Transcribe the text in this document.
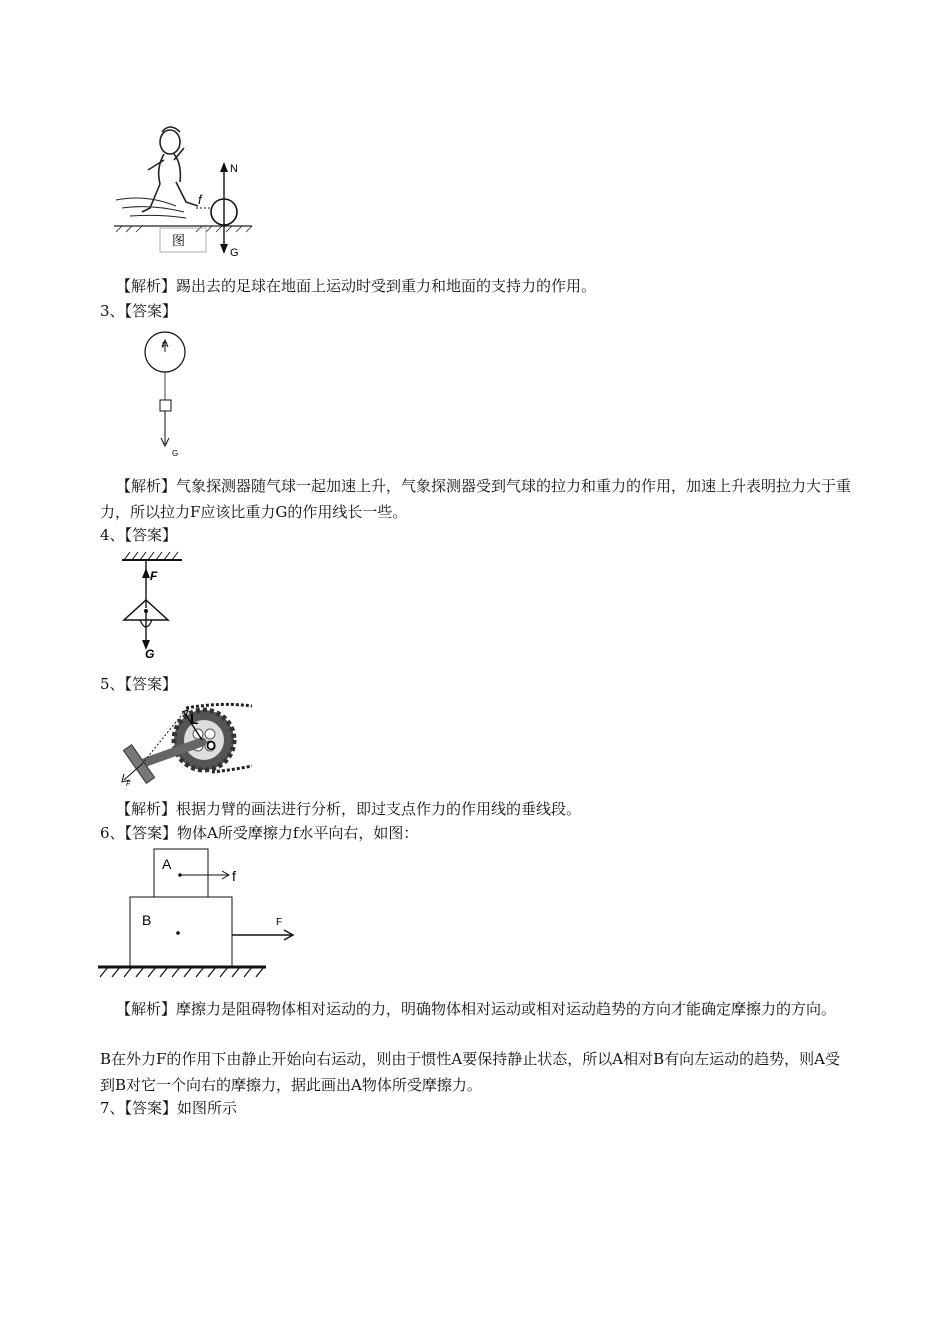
N
G
f
图
【解析】踢出去的足球在地面上运动时受到重力和地面的支持力的作用。
3、【答案】
F
G
【解析】气象探测器随气球一起加速上升，气象探测器受到气球的拉力和重力的作用，加速上升表明拉力大于重力，所以拉力F应该比重力G的作用线长一些。
4、【答案】
F
G
5、【答案】
F
L
O
【解析】根据力臂的画法进行分析，即过支点作力的作用线的垂线段。
6、【答案】物体A所受摩擦力f水平向右，如图：
A
f
B	F
【解析】摩擦力是阻碍物体相对运动的力，明确物体相对运动或相对运动趋势的方向才能确定摩擦力的方向。
B在外力F的作用下由静止开始向右运动，则由于惯性A要保持静止状态，所以A相对B有向左运动的趋势，则A受到B对它一个向右的摩擦力，据此画出A物体所受摩擦力。
7、【答案】如图所示
